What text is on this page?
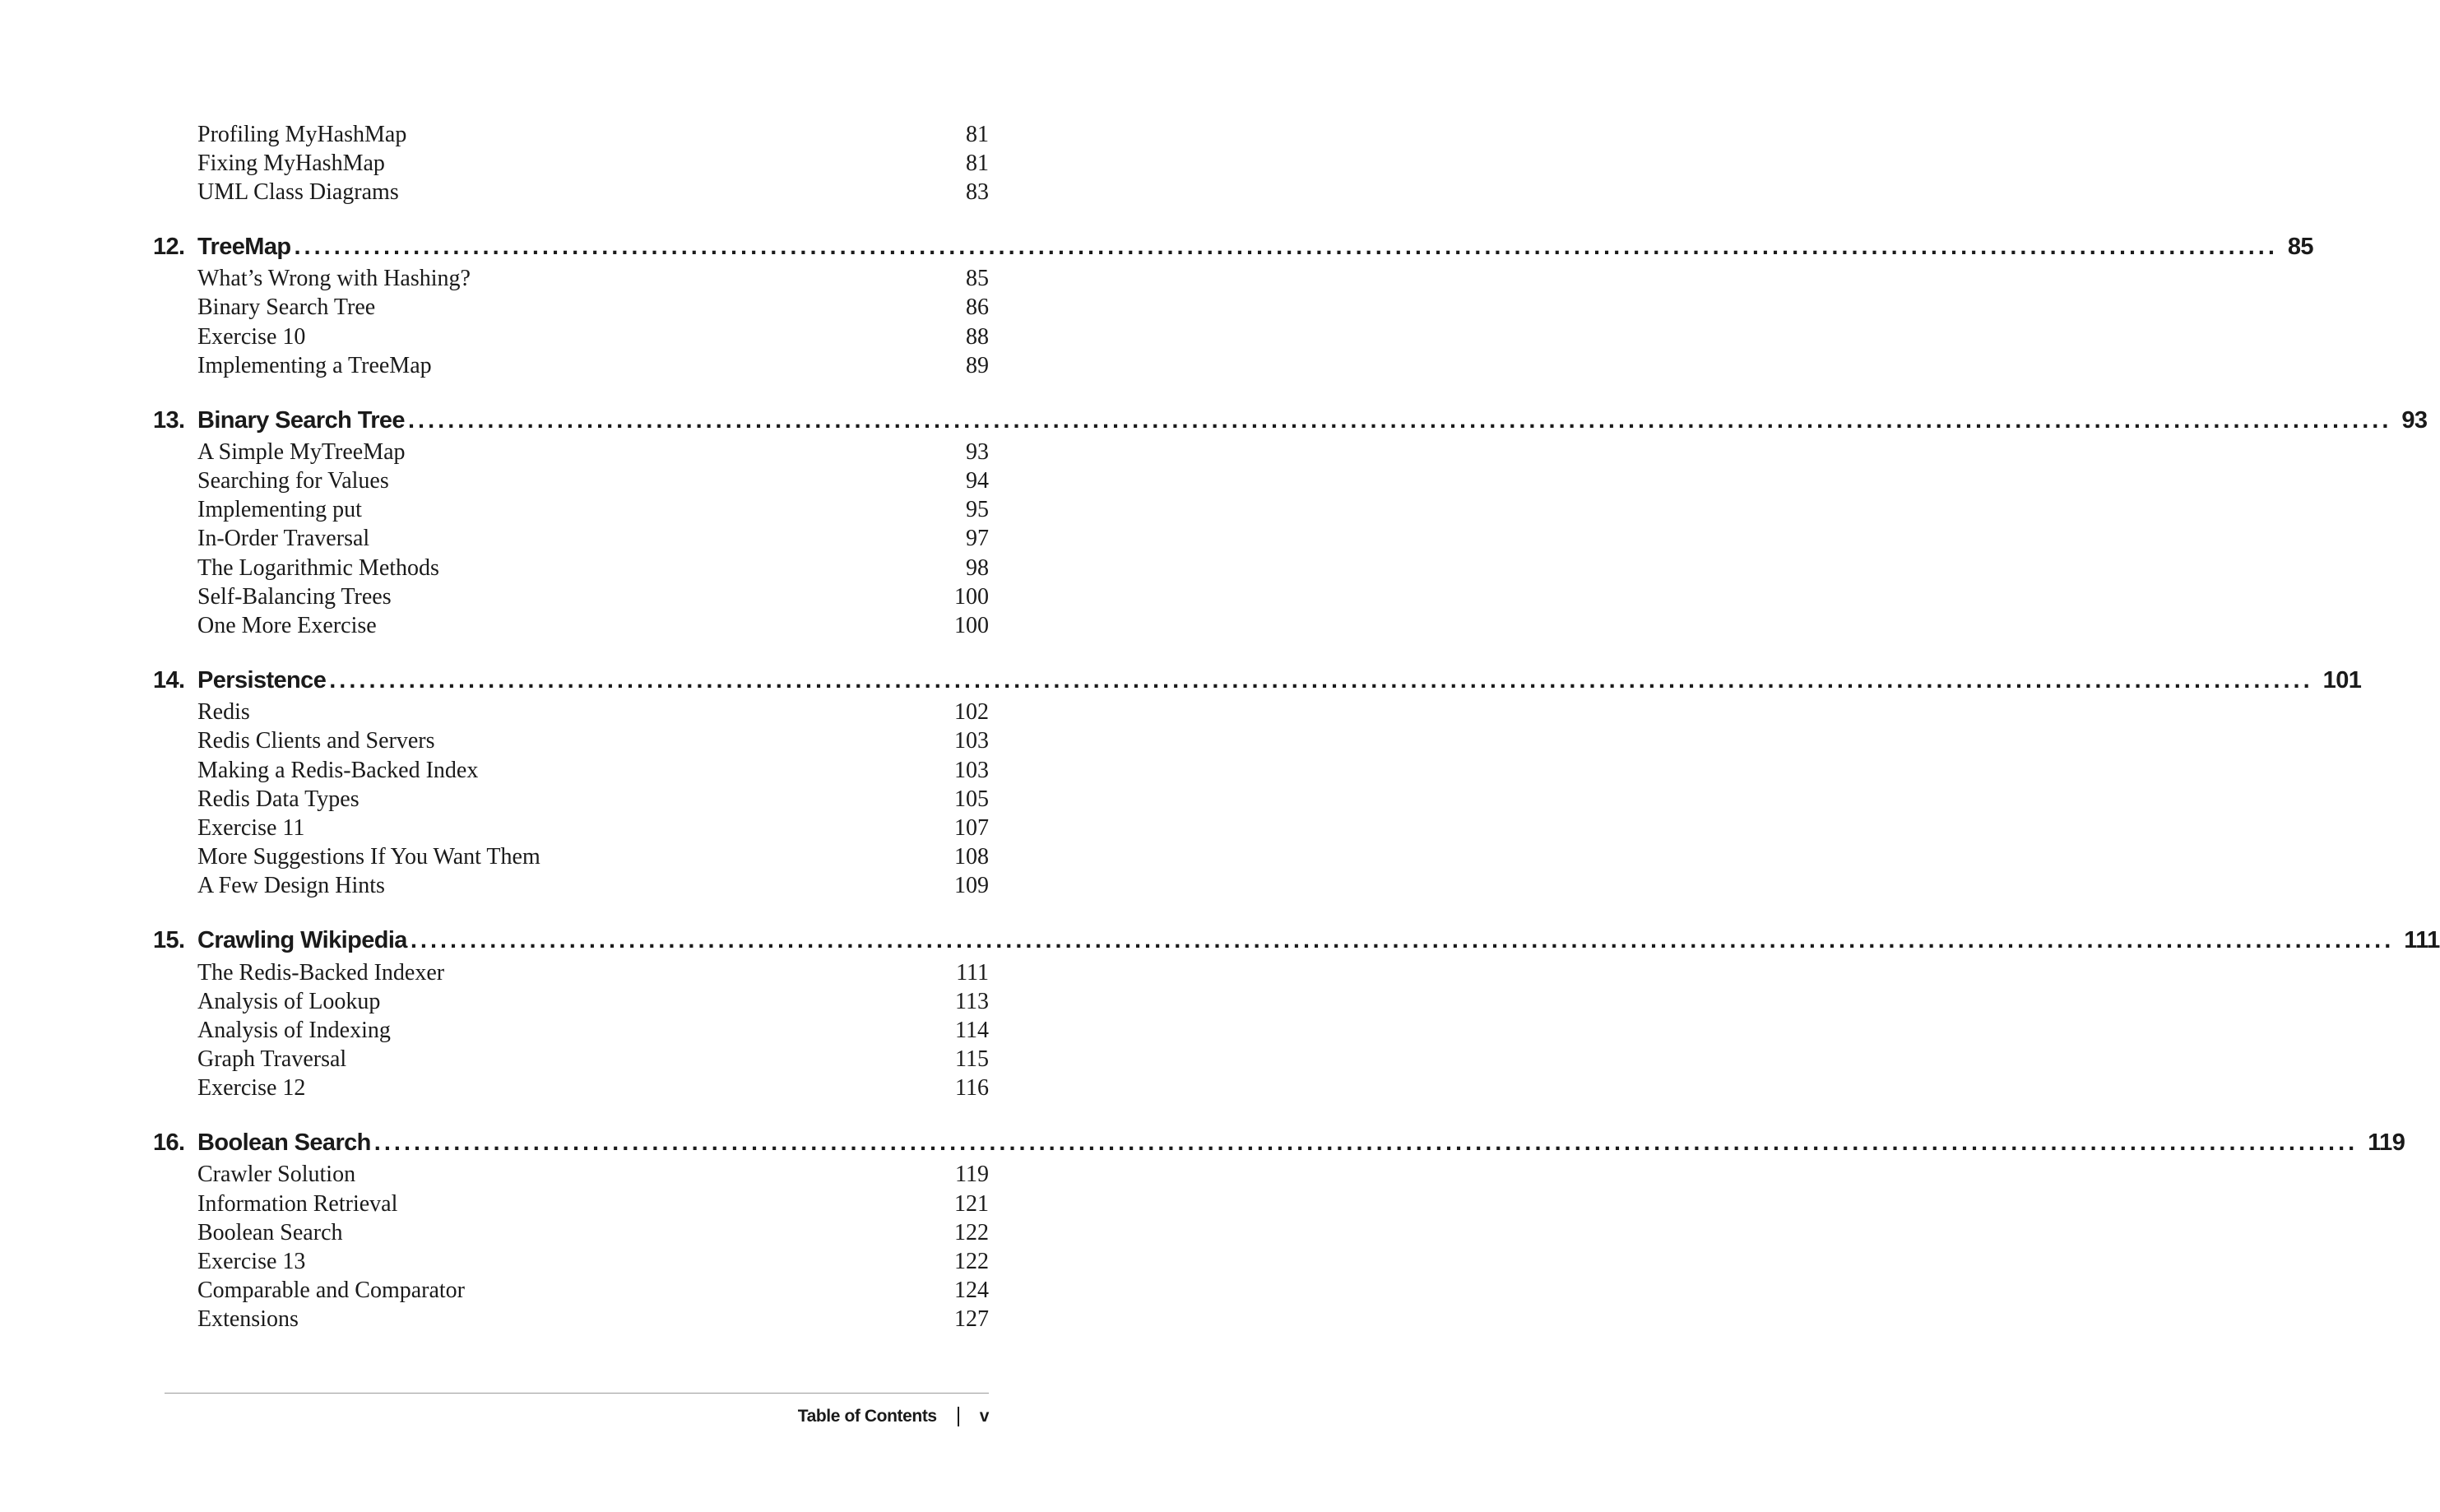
Profiling MyHashMap	81
Fixing MyHashMap	81
UML Class Diagrams	83
12. TreeMap ........................................................................................................................................................................................................ 85
What’s Wrong with Hashing?	85
Binary Search Tree	86
Exercise 10	88
Implementing a TreeMap	89
13. Binary Search Tree ........................................................................................................................................................................................................ 93
A Simple MyTreeMap	93
Searching for Values	94
Implementing put	95
In-Order Traversal	97
The Logarithmic Methods	98
Self-Balancing Trees	100
One More Exercise	100
14. Persistence ........................................................................................................................................................................................................ 101
Redis	102
Redis Clients and Servers	103
Making a Redis-Backed Index	103
Redis Data Types	105
Exercise 11	107
More Suggestions If You Want Them	108
A Few Design Hints	109
15. Crawling Wikipedia ........................................................................................................................................................................................................ 111
The Redis-Backed Indexer	111
Analysis of Lookup	113
Analysis of Indexing	114
Graph Traversal	115
Exercise 12	116
16. Boolean Search ........................................................................................................................................................................................................ 119
Crawler Solution	119
Information Retrieval	121
Boolean Search	122
Exercise 13	122
Comparable and Comparator	124
Extensions	127
Table of Contents v
